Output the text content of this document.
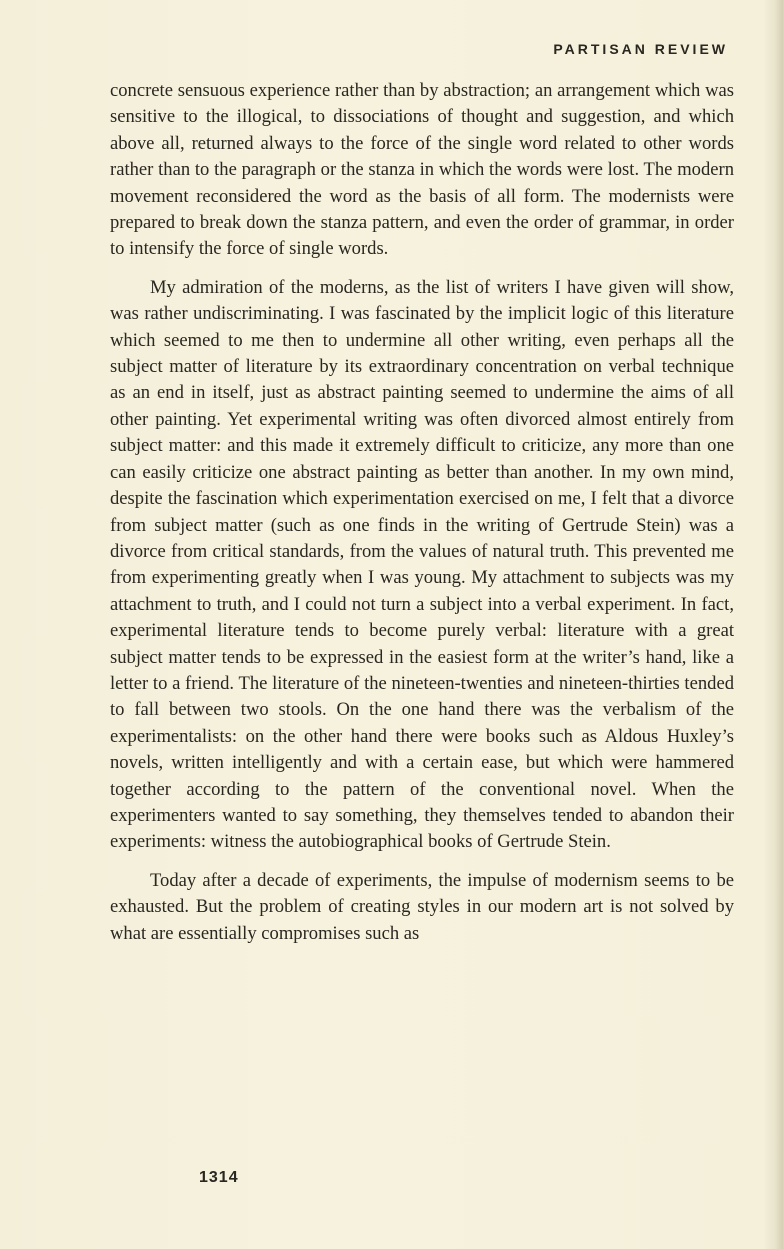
PARTISAN REVIEW

concrete sensuous experience rather than by abstraction; an arrangement which was sensitive to the illogical, to dissociations of thought and suggestion, and which above all, returned always to the force of the single word related to other words rather than to the paragraph or the stanza in which the words were lost. The modern movement reconsidered the word as the basis of all form. The modernists were prepared to break down the stanza pattern, and even the order of grammar, in order to intensify the force of single words.

My admiration of the moderns, as the list of writers I have given will show, was rather undiscriminating. I was fascinated by the implicit logic of this literature which seemed to me then to undermine all other writing, even perhaps all the subject matter of literature by its extraordinary concentration on verbal technique as an end in itself, just as abstract painting seemed to undermine the aims of all other painting. Yet experimental writing was often divorced almost entirely from subject matter: and this made it extremely difficult to criticize, any more than one can easily criticize one abstract painting as better than another. In my own mind, despite the fascination which experimentation exercised on me, I felt that a divorce from subject matter (such as one finds in the writing of Gertrude Stein) was a divorce from critical standards, from the values of natural truth. This prevented me from experimenting greatly when I was young. My attachment to subjects was my attachment to truth, and I could not turn a subject into a verbal experiment. In fact, experimental literature tends to become purely verbal: literature with a great subject matter tends to be expressed in the easiest form at the writer’s hand, like a letter to a friend. The literature of the nineteen-twenties and nineteen-thirties tended to fall between two stools. On the one hand there was the verbalism of the experimentalists: on the other hand there were books such as Aldous Huxley’s novels, written intelligently and with a certain ease, but which were hammered together according to the pattern of the conventional novel. When the experimenters wanted to say something, they themselves tended to abandon their experiments: witness the autobiographical books of Gertrude Stein.

Today after a decade of experiments, the impulse of modernism seems to be exhausted. But the problem of creating styles in our modern art is not solved by what are essentially compromises such as

1314
